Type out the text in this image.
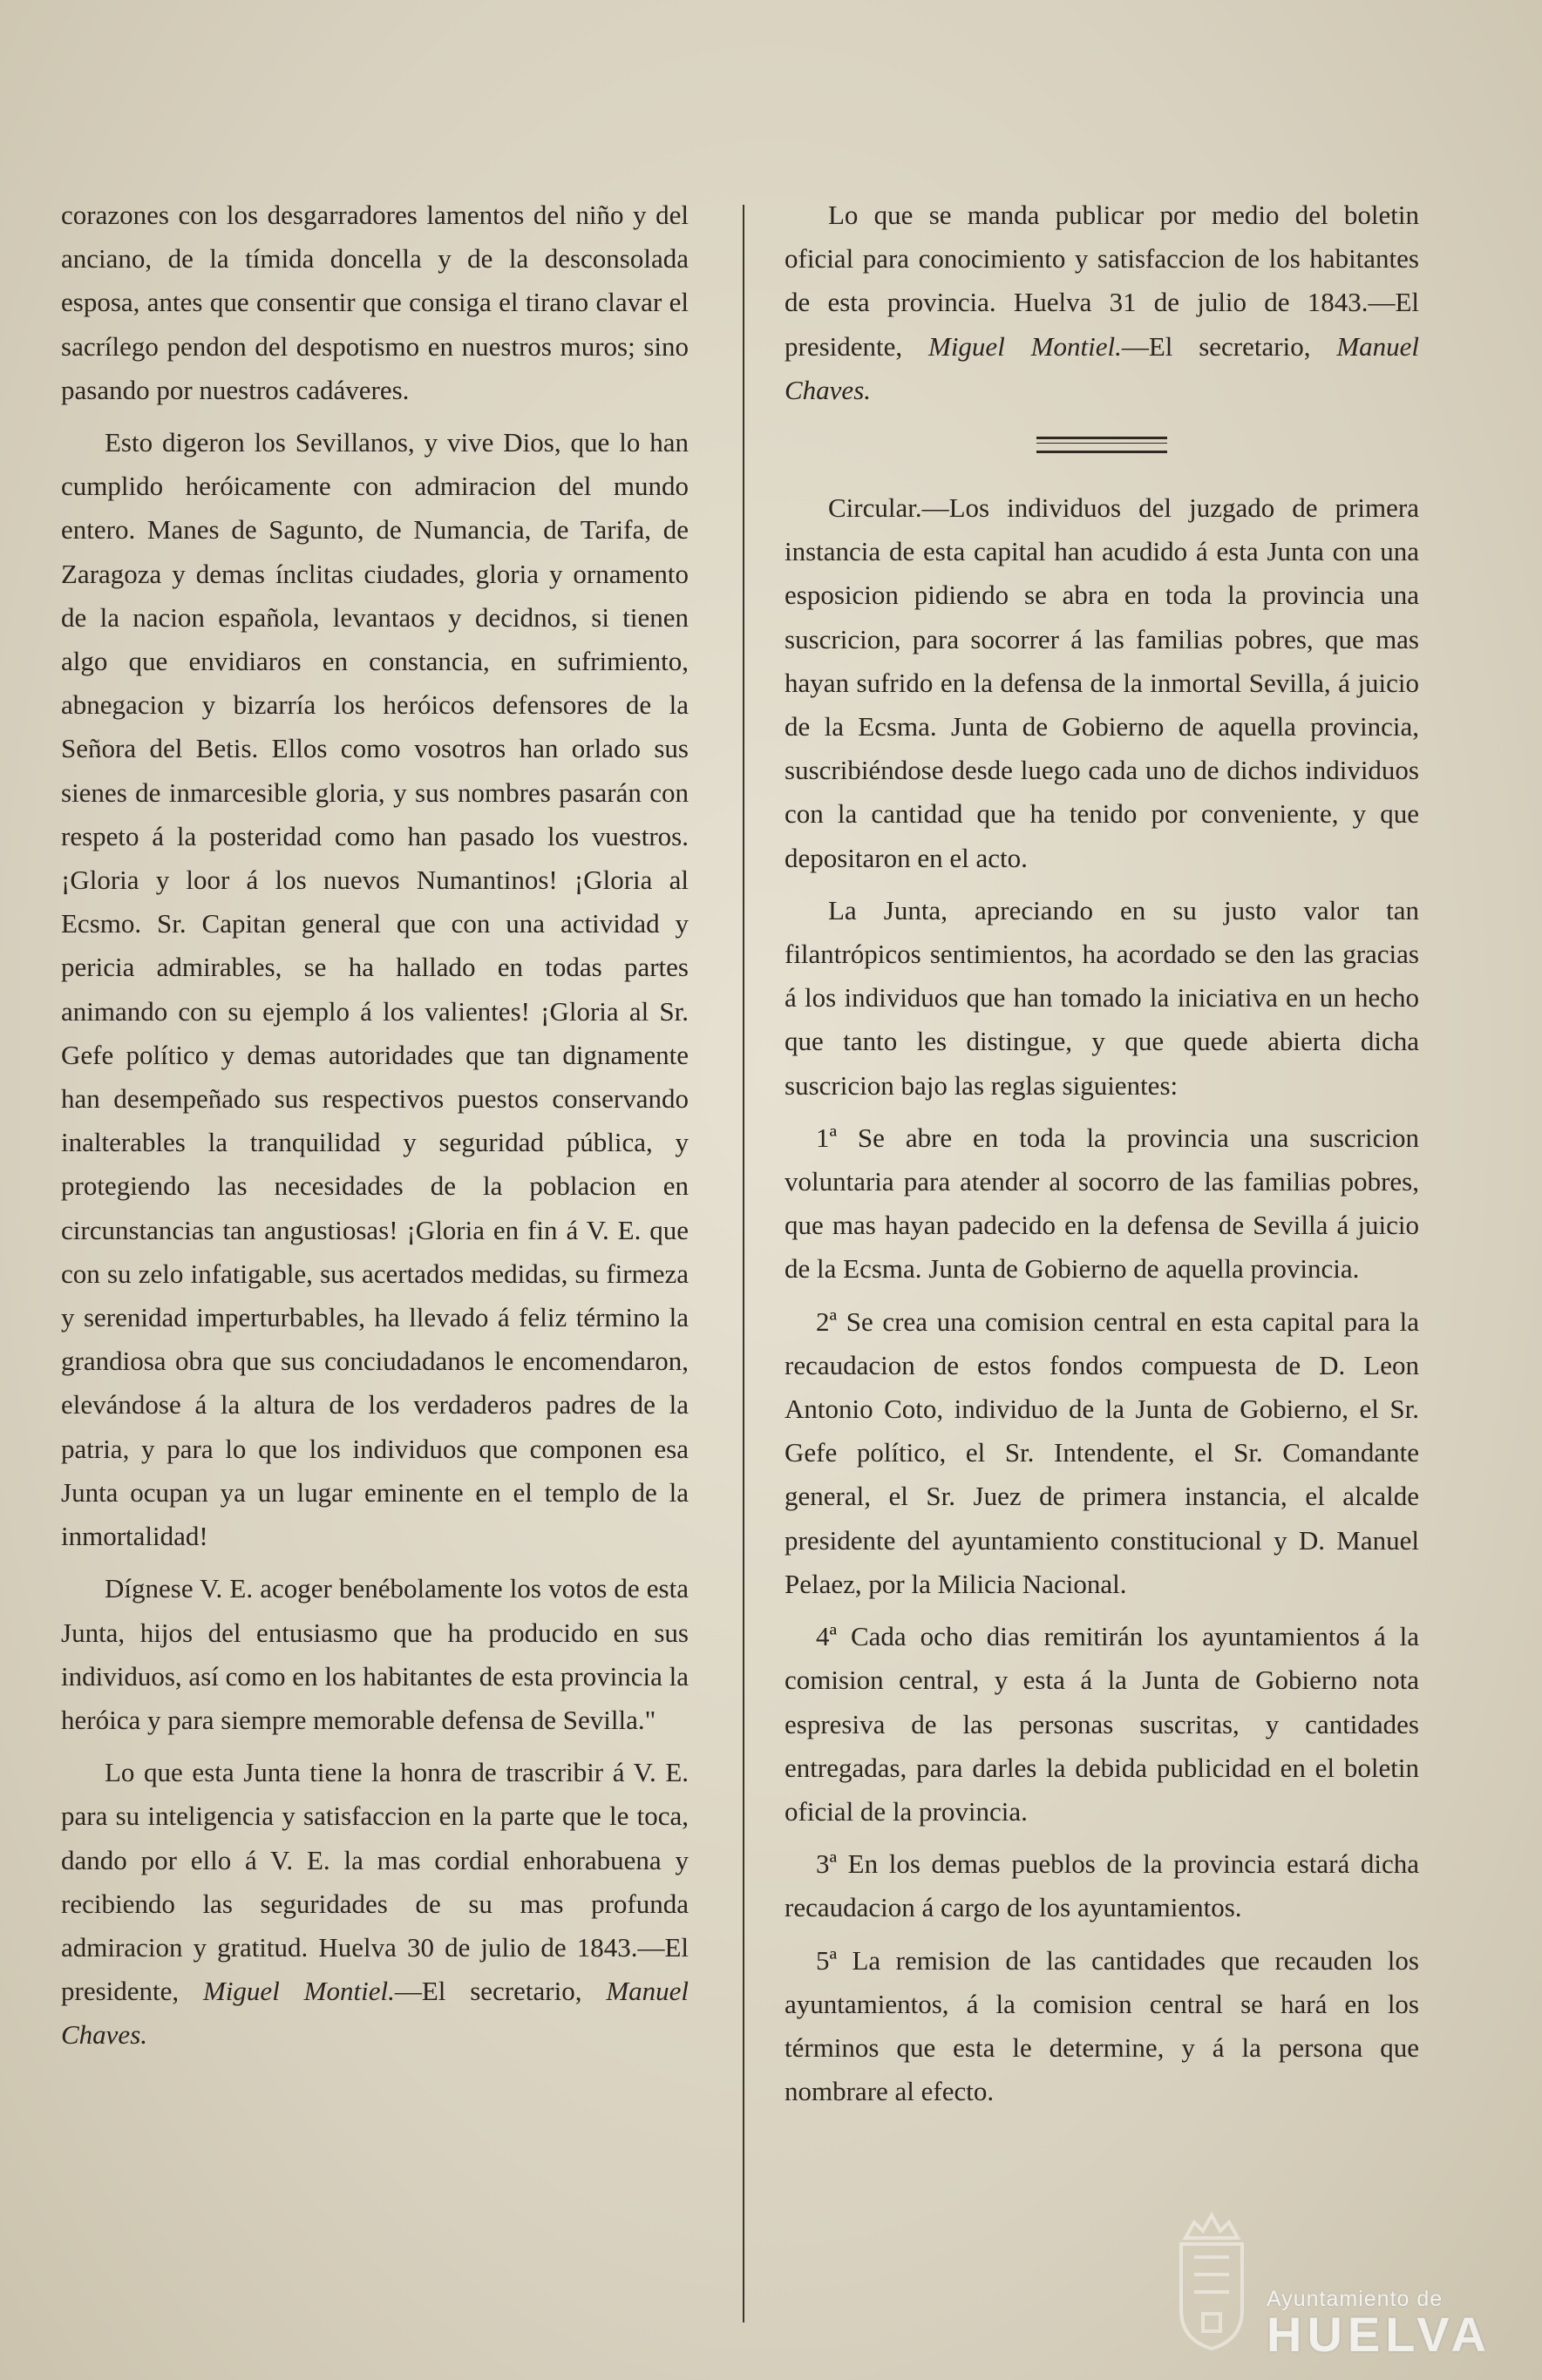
corazones con los desgarradores lamentos del niño y del anciano, de la tímida doncella y de la desconsolada esposa, antes que consentir que consiga el tirano clavar el sacrílego pendon del despotismo en nuestros muros; sino pasando por nuestros cadáveres.

Esto digeron los Sevillanos, y vive Dios, que lo han cumplido heróicamente con admiracion del mundo entero. Manes de Sagunto, de Numancia, de Tarifa, de Zaragoza y demas ínclitas ciudades, gloria y ornamento de la nacion española, levantaos y decidnos, si tienen algo que envidiaros en constancia, en sufrimiento, abnegacion y bizarría los heróicos defensores de la Señora del Betis. Ellos como vosotros han orlado sus sienes de inmarcesible gloria, y sus nombres pasarán con respeto á la posteridad como han pasado los vuestros. ¡Gloria y loor á los nuevos Numantinos! ¡Gloria al Ecsmo. Sr. Capitan general que con una actividad y pericia admirables, se ha hallado en todas partes animando con su ejemplo á los valientes! ¡Gloria al Sr. Gefe político y demas autoridades que tan dignamente han desempeñado sus respectivos puestos conservando inalterables la tranquilidad y seguridad pública, y protegiendo las necesidades de la poblacion en circunstancias tan angustiosas! ¡Gloria en fin á V. E. que con su zelo infatigable, sus acertados medidas, su firmeza y serenidad imperturbables, ha llevado á feliz término la grandiosa obra que sus conciudadanos le encomendaron, elevándose á la altura de los verdaderos padres de la patria, y para lo que los individuos que componen esa Junta ocupan ya un lugar eminente en el templo de la inmortalidad!

Dígnese V. E. acoger benébolamente los votos de esta Junta, hijos del entusiasmo que ha producido en sus individuos, así como en los habitantes de esta provincia la heróica y para siempre memorable defensa de Sevilla."

Lo que esta Junta tiene la honra de trascribir á V. E. para su inteligencia y satisfaccion en la parte que le toca, dando por ello á V. E. la mas cordial enhorabuena y recibiendo las seguridades de su mas profunda admiracion y gratitud. Huelva 30 de julio de 1843.—El presidente, Miguel Montiel.—El secretario, Manuel Chaves.

Lo que se manda publicar por medio del boletin oficial para conocimiento y satisfaccion de los habitantes de esta provincia. Huelva 31 de julio de 1843.—El presidente, Miguel Montiel.—El secretario, Manuel Chaves.

Circular.—Los individuos del juzgado de primera instancia de esta capital han acudido á esta Junta con una esposicion pidiendo se abra en toda la provincia una suscricion, para socorrer á las familias pobres, que mas hayan sufrido en la defensa de la inmortal Sevilla, á juicio de la Ecsma. Junta de Gobierno de aquella provincia, suscribiéndose desde luego cada uno de dichos individuos con la cantidad que ha tenido por conveniente, y que depositaron en el acto.

La Junta, apreciando en su justo valor tan filantrópicos sentimientos, ha acordado se den las gracias á los individuos que han tomado la iniciativa en un hecho que tanto les distingue, y que quede abierta dicha suscricion bajo las reglas siguientes:

1ª Se abre en toda la provincia una suscricion voluntaria para atender al socorro de las familias pobres, que mas hayan padecido en la defensa de Sevilla á juicio de la Ecsma. Junta de Gobierno de aquella provincia.

2ª Se crea una comision central en esta capital para la recaudacion de estos fondos compuesta de D. Leon Antonio Coto, individuo de la Junta de Gobierno, el Sr. Gefe político, el Sr. Intendente, el Sr. Comandante general, el Sr. Juez de primera instancia, el alcalde presidente del ayuntamiento constitucional y D. Manuel Pelaez, por la Milicia Nacional.

4ª Cada ocho dias remitirán los ayuntamientos á la comision central, y esta á la Junta de Gobierno nota espresiva de las personas suscritas, y cantidades entregadas, para darles la debida publicidad en el boletin oficial de la provincia.

3ª En los demas pueblos de la provincia estará dicha recaudacion á cargo de los ayuntamientos.

5ª La remision de las cantidades que recauden los ayuntamientos, á la comision central se hará en los términos que esta le determine, y á la persona que nombrare al efecto.

Ayuntamiento de
HUELVA
